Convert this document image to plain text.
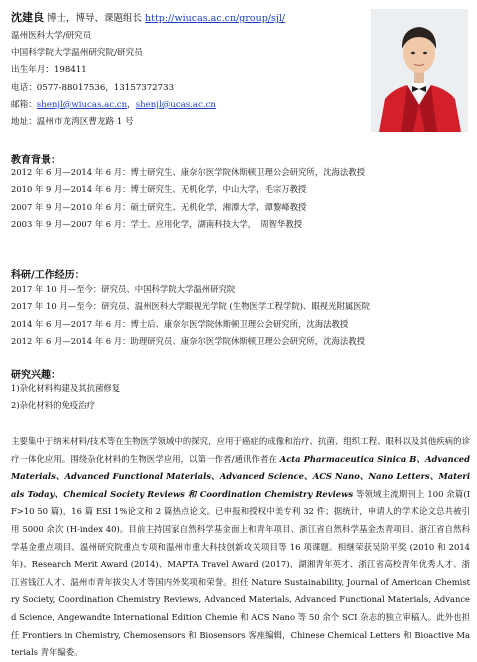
沈建良 博士，博导、课题组长 http://wiucas.ac.cn/group/sjl/
温州医科大学/研究员
中国科学院大学温州研究院/研究员
出生年月：198411
电话：0577-88017536，13157372733
邮箱：shenjl@wiucas.ac.cn，shenjl@ucas.ac.cn
地址：温州市龙湾区曹龙路 1 号
教育背景：
2012 年 6 月—2014 年 6 月：博士研究生、康奈尔医学院休斯顿卫理公会研究所，沈海法教授
2010 年 9 月—2014 年 6 月：博士研究生、无机化学，中山大学，毛宗万教授
2007 年 9 月—2010 年 6 月：硕士研究生、无机化学，湘潭大学，谭黎峰教授
2003 年 9 月—2007 年 6 月：学士、应用化学，湖南科技大学，　周智华教授
科研/工作经历：
2017 年 10 月—至今：研究员、中国科学院大学温州研究院
2017 年 10 月—至今：研究员、温州医科大学眼视光学院 (生物医学工程学院)、眼视光附属医院
2014 年 6 月—2017 年 6 月：博士后、康奈尔医学院休斯顿卫理公会研究所，沈海法教授
2012 年 6 月—2014 年 6 月：助理研究员、康奈尔医学院休斯顿卫理公会研究所，沈海法教授
研究兴趣：
1)杂化材料构建及其抗菌修复
2)杂化材料的免疫治疗
主要集中于纳米材料/技术等在生物医学领域中的探究，应用于癌症的成像和治疗、抗菌、组织工程、眼科以及其他疾病的诊疗一体化应用。围绕杂化材料的生物医学应用，以第一作者/通讯作者在 Acta Pharmaceutica Sinica B、Advanced Materials、Advanced Functional Materials、Advanced Science、ACS Nano、Nano Letters、Materials Today、Chemical Society Reviews 和 Coordination Chemistry Reviews 等领域主流期刊上 100 余篇(IF>10 50 篇)，16 篇 ESI 1%论文和 2 篇热点论文。已申报和授权中美专利 32 件；据统计，申请人的学术论文总共被引用 5000 余次 (H-index 40)。目前主持国家自然科学基金面上和青年项目、浙江省自然科学基金杰青项目、浙江省自然科学基金重点项目、温州研究院重点专项和温州市重大科技创新攻关项目等 16 项课题。相继荣获吴阶平奖 (2010 和 2014 年)、Research Merit Award (2014)、MAPTA Travel Award (2017)、湖湘青年英才、浙江省高校青年优秀人才、浙江省钱江人才、温州市青年拔尖人才等国内外奖项和荣誉。担任 Nature Sustainability, Journal of American Chemistry Society, Coordination Chemistry Reviews, Advanced Materials, Advanced Functional Materials, Advanced Science, Angewandte International Edition Chemie 和 ACS Nano 等 50 余个 SCI 杂志的独立审稿人。此外也担任 Frontiers in Chemistry, Chemosensors 和 Biosensors 客座编辑，Chinese Chemical Letters 和 Bioactive Materials 青年编委。
